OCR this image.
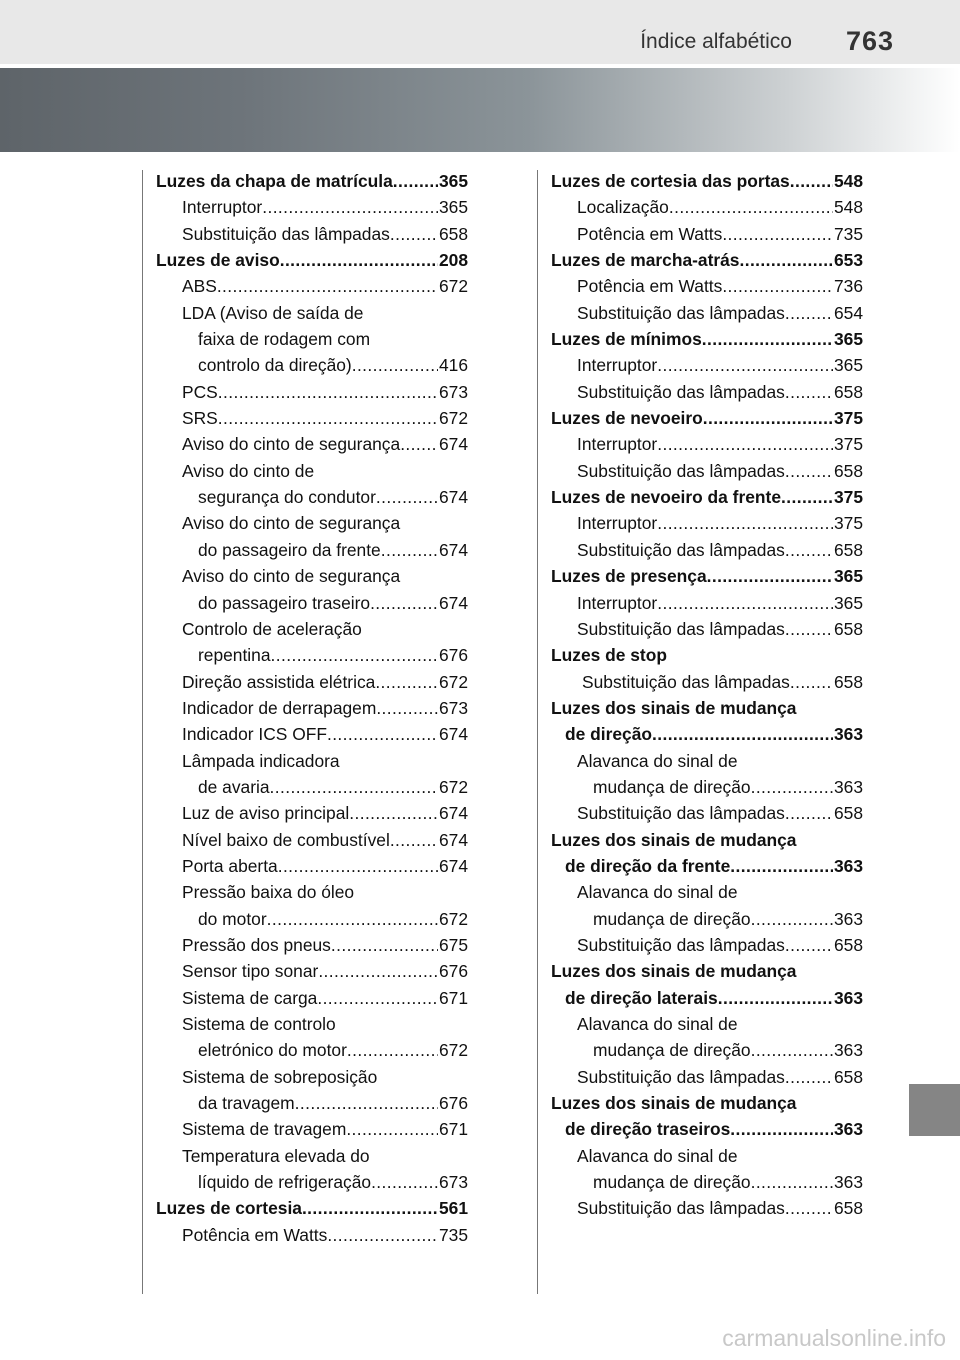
Índice alfabético 763
Luzes da chapa de matrícula .....	365
Interruptor .....	365
Substituição das lâmpadas .....	658
Luzes de aviso .....	208
ABS .....	672
LDA (Aviso de saída de
faixa de rodagem com
controlo da direção) .....	416
PCS .....	673
SRS .....	672
Aviso do cinto de segurança ..... 674
Aviso do cinto de
segurança do condutor .....	674
Aviso do cinto de segurança
do passageiro da frente .....	674
Aviso do cinto de segurança
do passageiro traseiro .....	674
Controlo de aceleração
repentina .....	676
Direção assistida elétrica .....	672
Indicador de derrapagem .....	673
Indicador ICS OFF .....	674
Lâmpada indicadora
de avaria .....	672
Luz de aviso principal .....	674
Nível baixo de combustível .....	674
Porta aberta .....	674
Pressão baixa do óleo
do motor .....	672
Pressão dos pneus .....	675
Sensor tipo sonar .....	676
Sistema de carga .....	671
Sistema de controlo
eletrónico do motor .....	672
Sistema de sobreposição
da travagem .....	676
Sistema de travagem .....	671
Temperatura elevada do
líquido de refrigeração .....	673
Luzes de cortesia .....	561
Potência em Watts .....	735
Luzes de cortesia das portas .....	548
Localização .....	548
Potência em Watts .....	735
Luzes de marcha-atrás .....	653
Potência em Watts .....	736
Substituição das lâmpadas .....	654
Luzes de mínimos .....	365
Interruptor .....	365
Substituição das lâmpadas .....	658
Luzes de nevoeiro .....	375
Interruptor .....	375
Substituição das lâmpadas .....	658
Luzes de nevoeiro da frente .....	375
Interruptor .....	375
Substituição das lâmpadas .....	658
Luzes de presença .....	365
Interruptor .....	365
Substituição das lâmpadas .....	658
Luzes de stop
Substituição das lâmpadas .....	658
Luzes dos sinais de mudança
de direção .....	363
Alavanca do sinal de
mudança de direção .....	363
Substituição das lâmpadas .....	658
Luzes dos sinais de mudança
de direção da frente .....	363
Alavanca do sinal de
mudança de direção .....	363
Substituição das lâmpadas .....	658
Luzes dos sinais de mudança
de direção laterais .....	363
Alavanca do sinal de
mudança de direção .....	363
Substituição das lâmpadas .....	658
Luzes dos sinais de mudança
de direção traseiros .....	363
Alavanca do sinal de
mudança de direção .....	363
Substituição das lâmpadas .....	658
carmanualsonline.info
